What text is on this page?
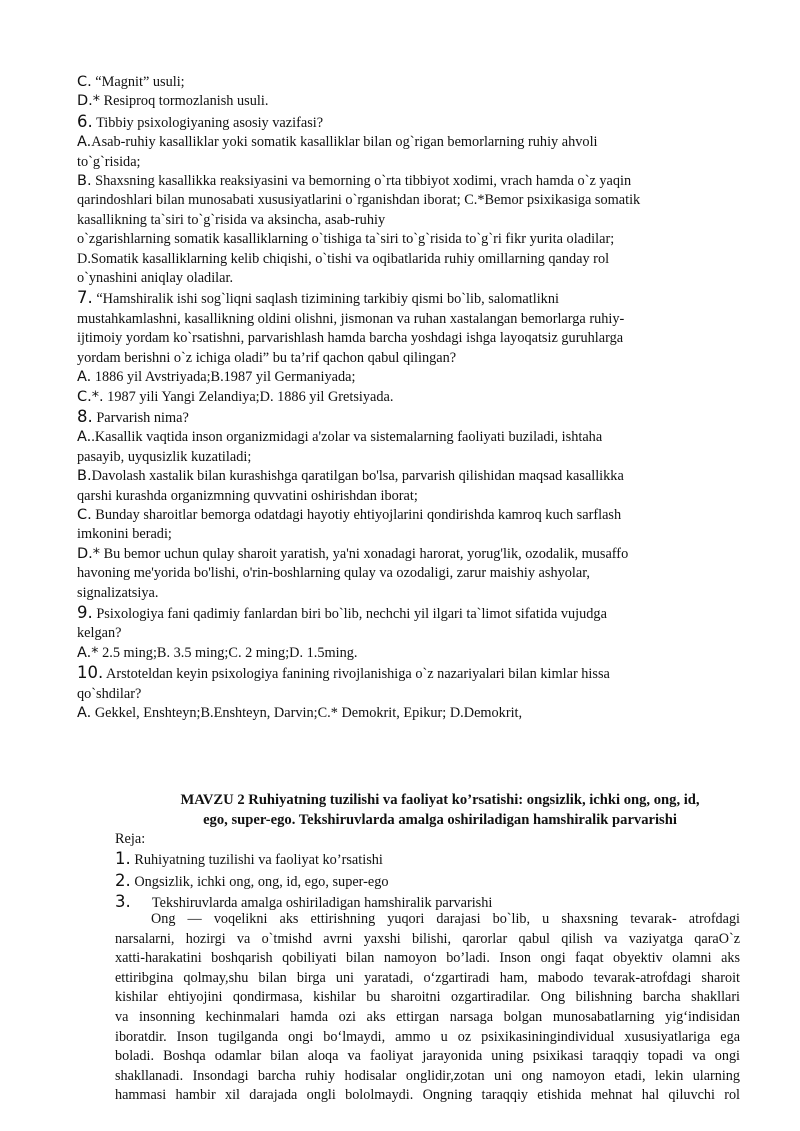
C. “Magnit” usuli;
D.* Resiproq tormozlanish usuli.
6. Tibbiy psixologiyaning asosiy vazifasi?
A.Asab-ruhiy kasalliklar yoki somatik kasalliklar bilan og`rigan bemorlarning ruhiy ahvoli
to`g`risida;
B. Shaxsning kasallikka reaksiyasini va bemorning o`rta tibbiyot xodimi, vrach hamda o`z yaqin
qarindoshlari bilan munosabati xususiyatlarini o`rganishdan iborat; C.*Bemor psixikasiga somatik
kasallikning ta`siri to`g`risida va aksincha, asab-ruhiy
o`zgarishlarning somatik kasalliklarning o`tishiga ta`siri to`g`risida to`g`ri fikr yurita oladilar;
D.Somatik kasalliklarning kelib chiqishi, o`tishi va oqibatlarida ruhiy omillarning qanday rol
o`ynashini aniqlay oladilar.
7. “Hamshiralik ishi sog`liqni saqlash tizimining tarkibiy qismi bo`lib, salomatlikni
mustahkamlashni, kasallikning oldini olishni, jismonan va ruhan xastalangan bemorlarga ruhiy-
ijtimoiy yordam ko`rsatishni, parvarishlash hamda barcha yoshdagi ishga layoqatsiz guruhlarga
yordam berishni o`z ichiga oladi” bu ta’rif qachon qabul qilingan?
A. 1886 yil Avstriyada;B.1987 yil Germaniyada;
C.*. 1987 yili Yangi Zelandiya;D. 1886 yil Gretsiyada.
8. Parvarish nima?
A..Kasallik vaqtida inson organizmidagi a'zolar va sistemalarning faoliyati buziladi, ishtaha
pasayib, uyqusizlik kuzatiladi;
B.Davolash xastalik bilan kurashishga qaratilgan bo'lsa, parvarish qilishidan maqsad kasallikka
qarshi kurashda organizmning quvvatini oshirishdan iborat;
C. Bunday sharoitlar bemorga odatdagi hayotiy ehtiyojlarini qondirishda kamroq kuch sarflash
imkonini beradi;
D.* Bu bemor uchun qulay sharoit yaratish, ya'ni xonadagi harorat, yorug'lik, ozodalik, musaffo
havoning me'yorida bo'lishi, o'rin-boshlarning qulay va ozodaligi, zarur maishiy ashyolar,
signalizatsiya.
9. Psixologiya fani qadimiy fanlardan biri bo`lib, nechchi yil ilgari ta`limot sifatida vujudga
kelgan?
A.* 2.5 ming;B. 3.5 ming;C. 2 ming;D. 1.5ming.
10. Arstoteldan keyin psixologiya fanining rivojlanishiga o`z nazariyalari bilan kimlar hissa
qo`shdilar?
A. Gekkel, Enshteyn;B.Enshteyn, Darvin;C.* Demokrit, Epikur; D.Demokrit,
MAVZU 2 Ruhiyatning tuzilishi va faoliyat ko’rsatishi: ongsizlik, ichki ong, ong, id,
ego, super-ego. Tekshiruvlarda amalga oshiriladigan hamshiralik parvarishi
Reja:
1. Ruhiyatning tuzilishi va faoliyat ko’rsatishi
2. Ongsizlik, ichki ong, ong, id, ego, super-ego
3.      Tekshiruvlarda amalga oshiriladigan hamshiralik parvarishi
Ong — voqelikni aks ettirishning yuqori darajasi bo`lib, u shaxsning tevarak- atrofdagi
narsalarni, hozirgi va o`tmishd avrni yaxshi bilishi, qarorlar qabul qilish va vaziyatga qaraO`z
xatti-harakatini boshqarish qobiliyati bilan namoyon bo’ladi. Inson ongi faqat obyektiv olamni aks
ettiribgina qolmay,shu bilan birga uni yaratadi, o‘zgartiradi ham, mabodo tevarak-atrofdagi sharoit
kishilar ehtiyojini qondirmasa, kishilar bu sharoitni ozgartiradilar. Ong bilishning barcha shakllari
va insonning kechinmalari hamda ozi aks ettirgan narsaga bolgan munosabatlarning yig‘indisidan
iboratdir. Inson tugilganda ongi bo‘lmaydi, ammo u oz psixikasiningindividual xususiyatlariga ega
boladi. Boshqa odamlar bilan aloqa va faoliyat jarayonida uning psixikasi taraqqiy topadi va ongi
shakllanadi. Insondagi barcha ruhiy hodisalar onglidir,zotan uni ong namoyon etadi, lekin ularning
hammasi hambir xil darajada ongli bololmaydi. Ongning taraqqiy etishida mehnat hal qiluvchi rol
